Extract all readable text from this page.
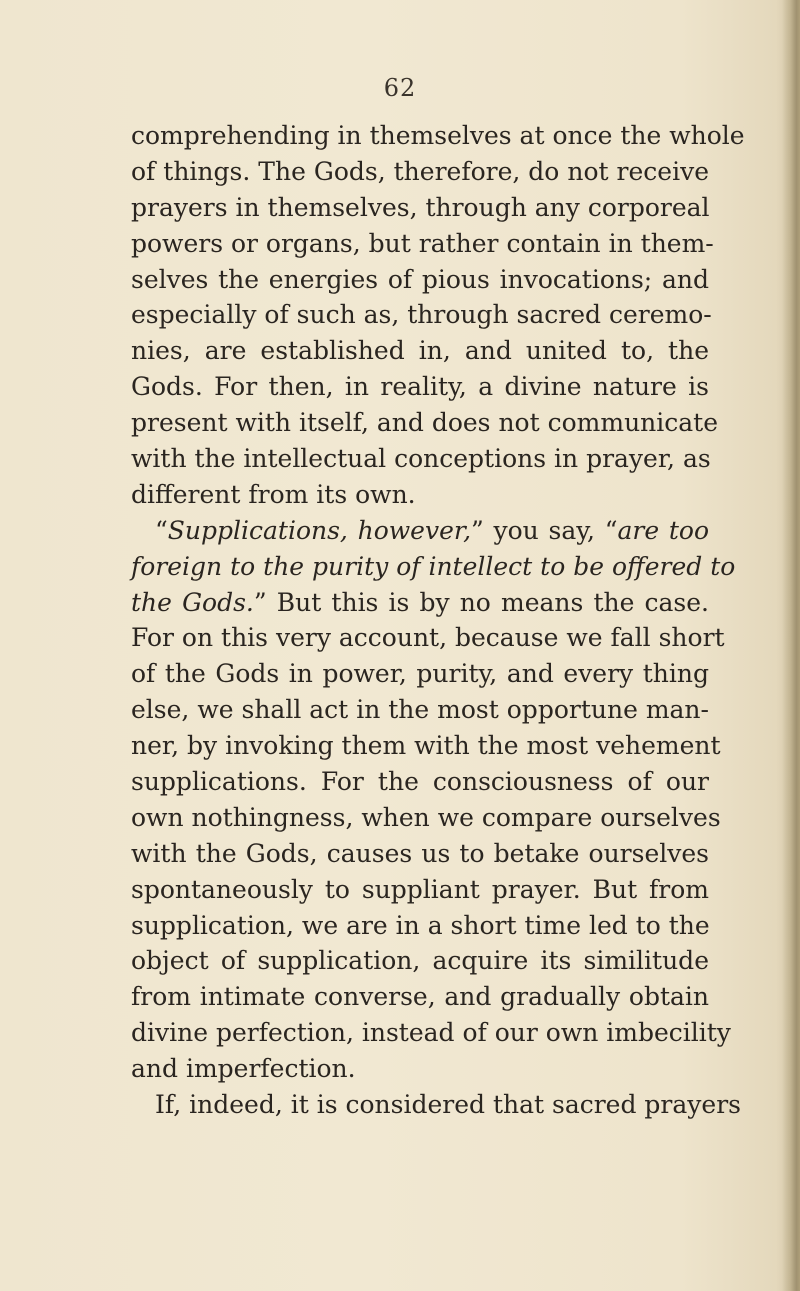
62
comprehending in themselves at once the whole
of things. The Gods, therefore, do not receive
prayers in themselves, through any corporeal
powers or organs, but rather contain in them-
selves the energies of pious invocations; and
especially of such as, through sacred ceremo-
nies, are established in, and united to, the
Gods. For then, in reality, a divine nature is
present with itself, and does not communicate
with the intellectual conceptions in prayer, as
different from its own.
“Supplications, however,” you say, “are too
foreign to the purity of intellect to be offered to
the Gods.” But this is by no means the case.
For on this very account, because we fall short
of the Gods in power, purity, and every thing
else, we shall act in the most opportune man-
ner, by invoking them with the most vehement
supplications. For the consciousness of our
own nothingness, when we compare ourselves
with the Gods, causes us to betake ourselves
spontaneously to suppliant prayer. But from
supplication, we are in a short time led to the
object of supplication, acquire its similitude
from intimate converse, and gradually obtain
divine perfection, instead of our own imbecility
and imperfection.
If, indeed, it is considered that sacred prayers
